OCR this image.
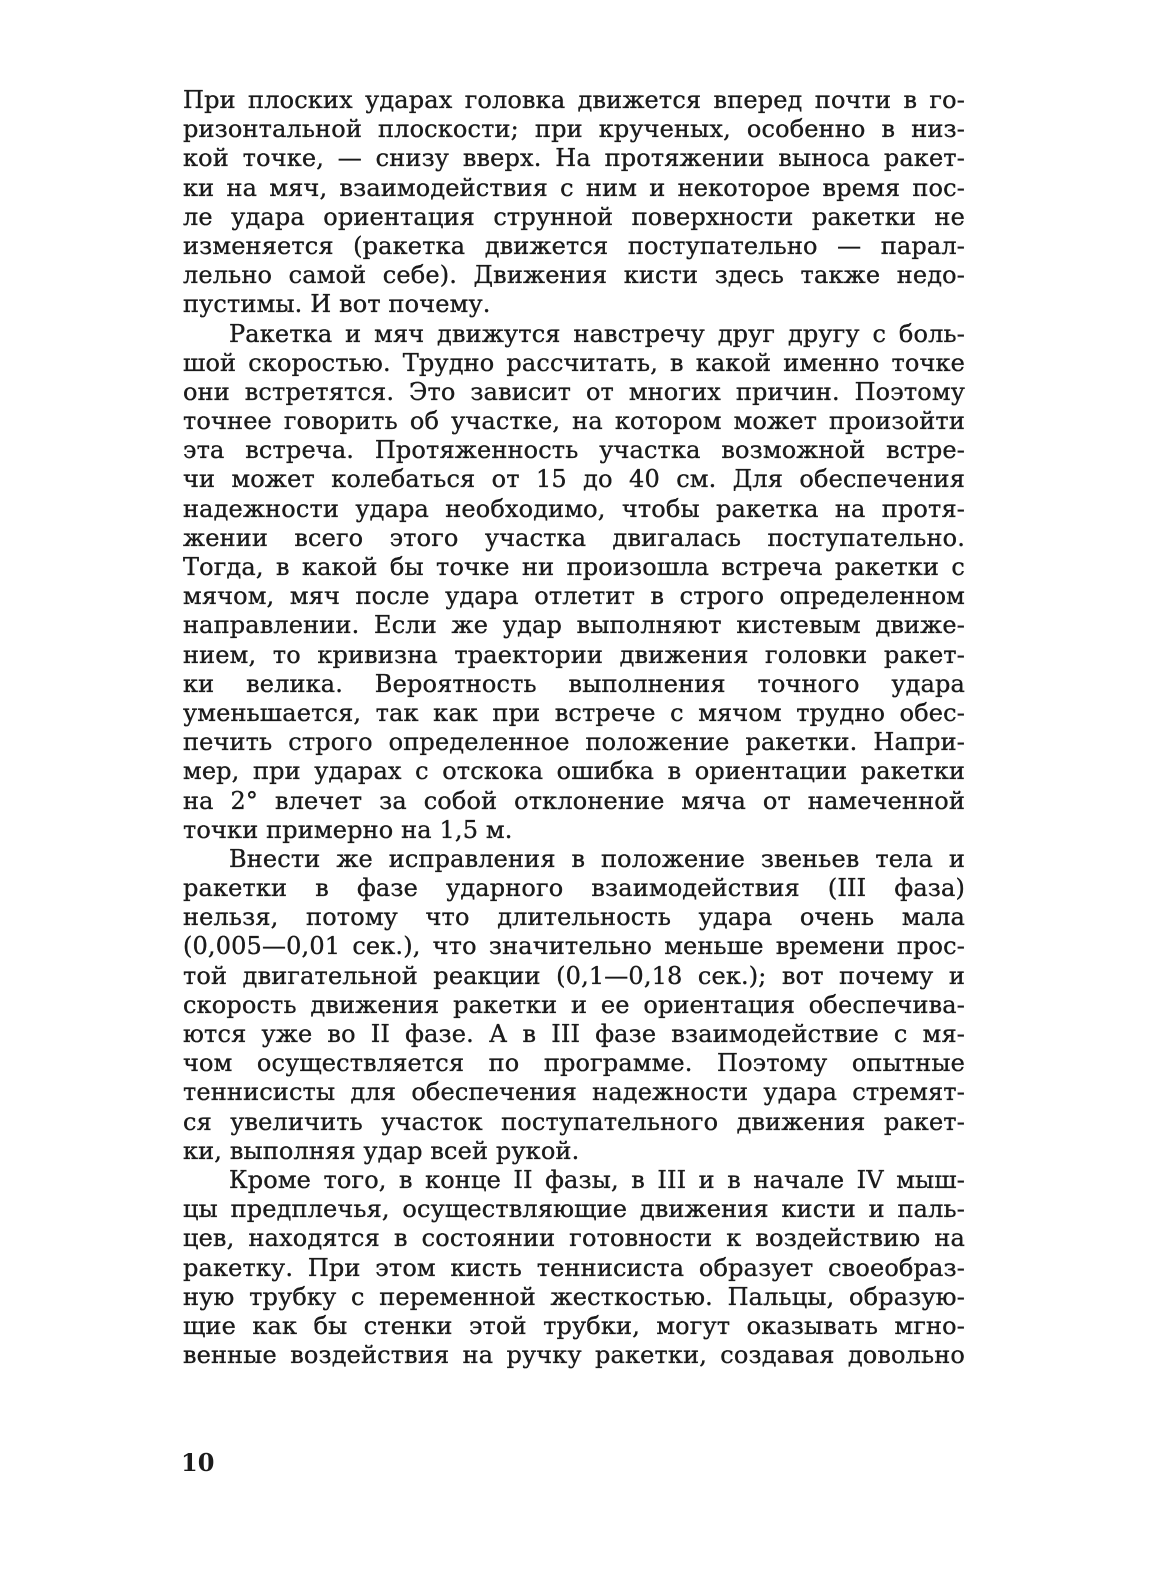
При плоских ударах головка движется вперед почти в го-
ризонтальной плоскости; при крученых, особенно в низ-
кой точке, — снизу вверх. На протяжении выноса ракет-
ки на мяч, взаимодействия с ним и некоторое время пос-
ле удара ориентация струнной поверхности ракетки не
изменяется (ракетка движется поступательно — парал-
лельно самой себе). Движения кисти здесь также недо-
пустимы. И вот почему.
Ракетка и мяч движутся навстречу друг другу с боль-
шой скоростью. Трудно рассчитать, в какой именно точке
они встретятся. Это зависит от многих причин. Поэтому
точнее говорить об участке, на котором может произойти
эта встреча. Протяженность участка возможной встре-
чи может колебаться от 15 до 40 см. Для обеспечения
надежности удара необходимо, чтобы ракетка на протя-
жении всего этого участка двигалась поступательно.
Тогда, в какой бы точке ни произошла встреча ракетки с
мячом, мяч после удара отлетит в строго определенном
направлении. Если же удар выполняют кистевым движе-
нием, то кривизна траектории движения головки ракет-
ки велика. Вероятность выполнения точного удара
уменьшается, так как при встрече с мячом трудно обес-
печить строго определенное положение ракетки. Напри-
мер, при ударах с отскока ошибка в ориентации ракетки
на 2° влечет за собой отклонение мяча от намеченной
точки примерно на 1,5 м.
Внести же исправления в положение звеньев тела и
ракетки в фазе ударного взаимодействия (III фаза)
нельзя, потому что длительность удара очень мала
(0,005—0,01 сек.), что значительно меньше времени прос-
той двигательной реакции (0,1—0,18 сек.); вот почему и
скорость движения ракетки и ее ориентация обеспечива-
ются уже во II фазе. А в III фазе взаимодействие с мя-
чом осуществляется по программе. Поэтому опытные
теннисисты для обеспечения надежности удара стремят-
ся увеличить участок поступательного движения ракет-
ки, выполняя удар всей рукой.
Кроме того, в конце II фазы, в III и в начале IV мыш-
цы предплечья, осуществляющие движения кисти и паль-
цев, находятся в состоянии готовности к воздействию на
ракетку. При этом кисть теннисиста образует своеобраз-
ную трубку с переменной жесткостью. Пальцы, образую-
щие как бы стенки этой трубки, могут оказывать мгно-
венные воздействия на ручку ракетки, создавая довольно
10
